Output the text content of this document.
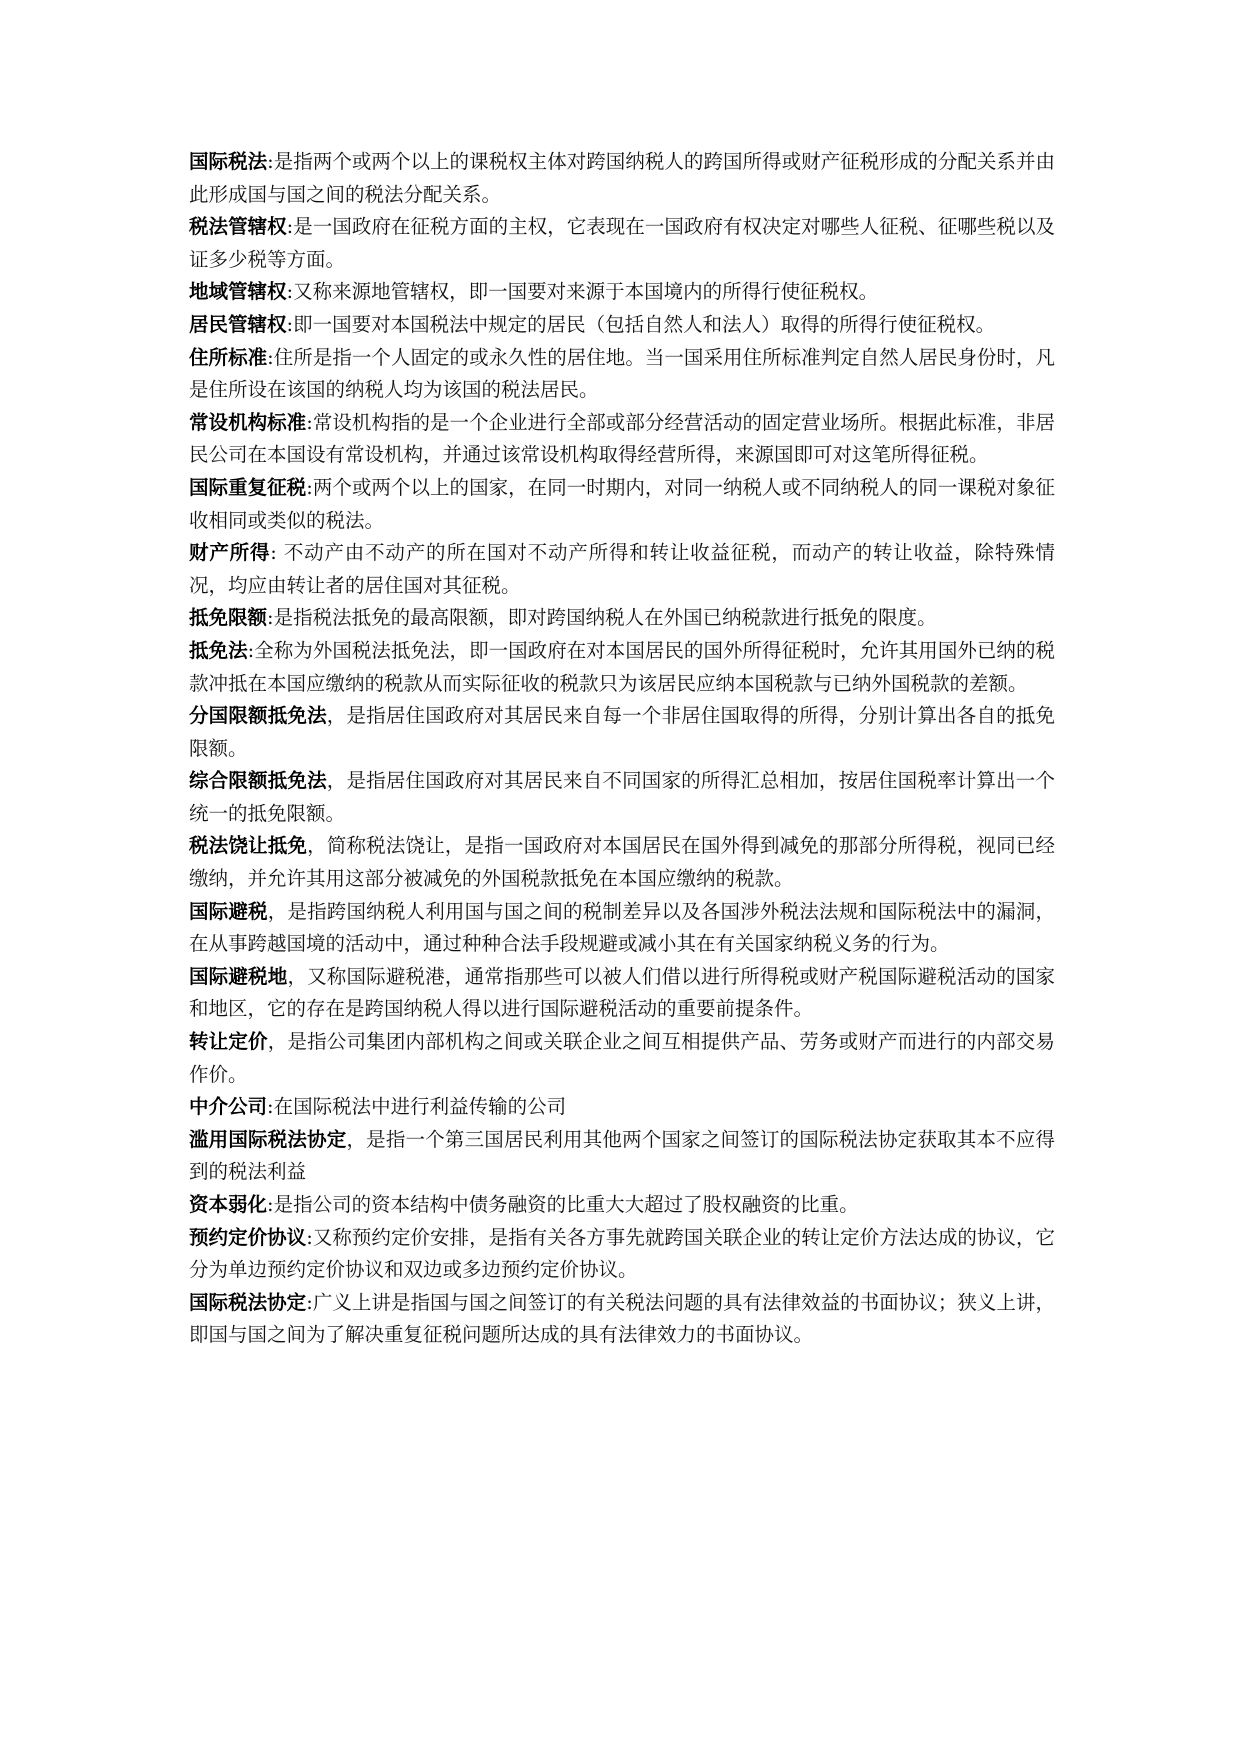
国际税法:是指两个或两个以上的课税权主体对跨国纳税人的跨国所得或财产征税形成的分配关系并由此形成国与国之间的税法分配关系。

税法管辖权:是一国政府在征税方面的主权，它表现在一国政府有权决定对哪些人征税、征哪些税以及证多少税等方面。

地域管辖权:又称来源地管辖权，即一国要对来源于本国境内的所得行使征税权。

居民管辖权:即一国要对本国税法中规定的居民（包括自然人和法人）取得的所得行使征税权。

住所标准:住所是指一个人固定的或永久性的居住地。当一国采用住所标准判定自然人居民身份时，凡是住所设在该国的纳税人均为该国的税法居民。

常设机构标准:常设机构指的是一个企业进行全部或部分经营活动的固定营业场所。根据此标准，非居民公司在本国设有常设机构，并通过该常设机构取得经营所得，来源国即可对这笔所得征税。

国际重复征税:两个或两个以上的国家，在同一时期内，对同一纳税人或不同纳税人的同一课税对象征收相同或类似的税法。

财产所得: 不动产由不动产的所在国对不动产所得和转让收益征税，而动产的转让收益，除特殊情况，均应由转让者的居住国对其征税。

抵免限额:是指税法抵免的最高限额，即对跨国纳税人在外国已纳税款进行抵免的限度。

抵免法:全称为外国税法抵免法，即一国政府在对本国居民的国外所得征税时，允许其用国外已纳的税款冲抵在本国应缴纳的税款从而实际征收的税款只为该居民应纳本国税款与已纳外国税款的差额。

分国限额抵免法，是指居住国政府对其居民来自每一个非居住国取得的所得，分别计算出各自的抵免限额。

综合限额抵免法，是指居住国政府对其居民来自不同国家的所得汇总相加，按居住国税率计算出一个统一的抵免限额。

税法饶让抵免，简称税法饶让，是指一国政府对本国居民在国外得到减免的那部分所得税，视同已经缴纳，并允许其用这部分被减免的外国税款抵免在本国应缴纳的税款。

国际避税，是指跨国纳税人利用国与国之间的税制差异以及各国涉外税法法规和国际税法中的漏洞，在从事跨越国境的活动中，通过种种合法手段规避或减小其在有关国家纳税义务的行为。

国际避税地，又称国际避税港，通常指那些可以被人们借以进行所得税或财产税国际避税活动的国家和地区，它的存在是跨国纳税人得以进行国际避税活动的重要前提条件。

转让定价，是指公司集团内部机构之间或关联企业之间互相提供产品、劳务或财产而进行的内部交易作价。

中介公司:在国际税法中进行利益传输的公司

滥用国际税法协定，是指一个第三国居民利用其他两个国家之间签订的国际税法协定获取其本不应得到的税法利益

资本弱化:是指公司的资本结构中债务融资的比重大大超过了股权融资的比重。

预约定价协议:又称预约定价安排，是指有关各方事先就跨国关联企业的转让定价方法达成的协议，它分为单边预约定价协议和双边或多边预约定价协议。

国际税法协定:广义上讲是指国与国之间签订的有关税法问题的具有法律效益的书面协议；狭义上讲，即国与国之间为了解决重复征税问题所达成的具有法律效力的书面协议。
